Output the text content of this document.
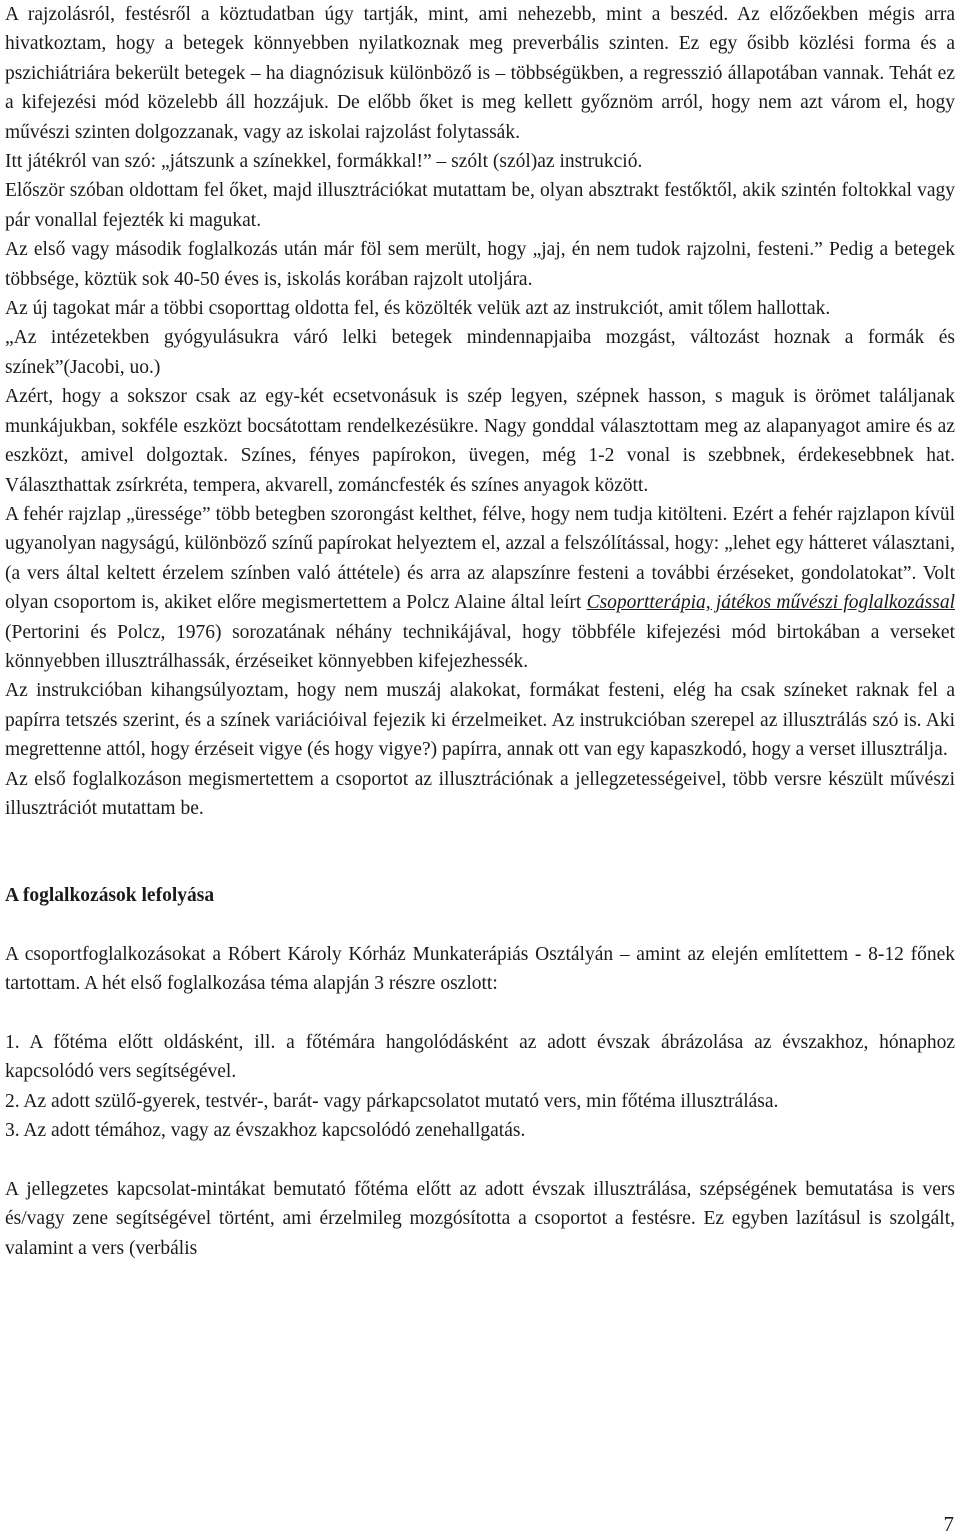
A rajzolásról, festésről a köztudatban úgy tartják, mint, ami nehezebb, mint a beszéd. Az előzőekben mégis arra hivatkoztam, hogy a betegek könnyebben nyilatkoznak meg preverbális szinten. Ez egy ősibb közlési forma és a pszichiátriára bekerült betegek ‒ ha diagnózisuk különböző is ‒ többségükben, a regresszió állapotában vannak. Tehát ez a kifejezési mód közelebb áll hozzájuk. De előbb őket is meg kellett győznöm arról, hogy nem azt várom el, hogy művészi szinten dolgozzanak, vagy az iskolai rajzolást folytassák.

Itt játékról van szó: „játszunk a színekkel, formákkal!” ‒ szólt (szól)az instrukció.

Először szóban oldottam fel őket, majd illusztrációkat mutattam be, olyan absztrakt festőktől, akik szintén foltokkal vagy pár vonallal fejezték ki magukat.

Az első vagy második foglalkozás után már föl sem merült, hogy „jaj, én nem tudok rajzolni, festeni.” Pedig a betegek többsége, köztük sok 40-50 éves is, iskolás korában rajzolt utoljára.

Az új tagokat már a többi csoporttag oldotta fel, és közölték velük azt az instrukciót, amit tőlem hallottak.

„Az intézetekben gyógyulásukra váró lelki betegek mindennapjaiba mozgást, változást hoznak a formák és színek”(Jacobi, uo.)

Azért, hogy a sokszor csak az egy-két ecsetvonásuk is szép legyen, szépnek hasson, s maguk is örömet találjanak munkájukban, sokféle eszközt bocsátottam rendelkezésükre. Nagy gonddal választottam meg az alapanyagot amire és az eszközt, amivel dolgoztak. Színes, fényes papírokon, üvegen, még 1-2 vonal is szebbnek, érdekesebbnek hat. Választhattak zsírkréta, tempera, akvarell, zománcfesték és színes anyagok között.

A fehér rajzlap „üressége” több betegben szorongást kelthet, félve, hogy nem tudja kitölteni. Ezért a fehér rajzlapon kívül ugyanolyan nagyságú, különböző színű papírokat helyeztem el, azzal a felszólítással, hogy: „lehet egy hátteret választani, (a vers által keltett érzelem színben való áttétele) és arra az alapszínre festeni a további érzéseket, gondolatokat”. Volt olyan csoportom is, akiket előre megismertettem a Polcz Alaine által leírt Csoportterápia, játékos művészi foglalkozással (Pertorini és Polcz, 1976) sorozatának néhány technikájával, hogy többféle kifejezési mód birtokában a verseket könnyebben illusztrálhassák, érzéseiket könnyebben kifejezhessék.

Az instrukcióban kihangsúlyoztam, hogy nem muszáj alakokat, formákat festeni, elég ha csak színeket raknak fel a papírra tetszés szerint, és a színek variációival fejezik ki érzelmeiket. Az instrukcióban szerepel az illusztrálás szó is. Aki megrettenne attól, hogy érzéseit vigye (és hogy vigye?) papírra, annak ott van egy kapaszkodó, hogy a verset illusztrálja.

Az első foglalkozáson megismertettem a csoportot az illusztrációnak a jellegzetességeivel, több versre készült művészi illusztrációt mutattam be.

A foglalkozások lefolyása

A csoportfoglalkozásokat a Róbert Károly Kórház Munkaterápiás Osztályán ‒ amint az elején említettem - 8-12 főnek tartottam. A hét első foglalkozása téma alapján 3 részre oszlott:

1. A főtéma előtt oldásként, ill. a főtémára hangolódásként az adott évszak ábrázolása az évszakhoz, hónaphoz kapcsolódó vers segítségével.

2. Az adott szülő-gyerek, testvér-, barát- vagy párkapcsolatot mutató vers, min főtéma illusztrálása.

3. Az adott témához, vagy az évszakhoz kapcsolódó zenehallgatás.

A jellegzetes kapcsolat-mintákat bemutató főtéma előtt az adott évszak illusztrálása, szépségének bemutatása is vers és/vagy zene segítségével történt, ami érzelmileg mozgósította a csoportot a festésre. Ez egyben lazításul is szolgált, valamint a vers (verbális

7
